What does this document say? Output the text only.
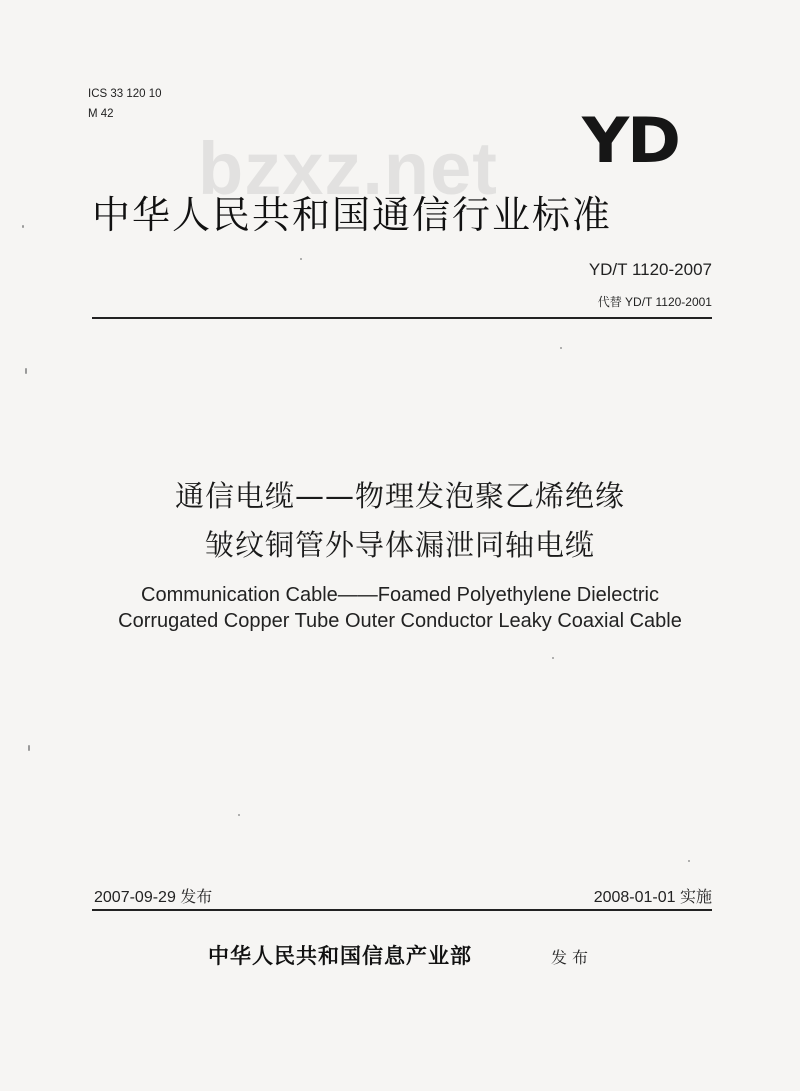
ICS 33 120 10
M 42
bzxz.net YD
中华人民共和国通信行业标准
YD/T 1120-2007
代替 YD/T 1120-2001
通信电缆——物理发泡聚乙烯绝缘
皱纹铜管外导体漏泄同轴电缆
Communication Cable——Foamed Polyethylene Dielectric
Corrugated Copper Tube Outer Conductor Leaky Coaxial Cable
2007-09-29 发布	2008-01-01 实施
中华人民共和国信息产业部	发布
